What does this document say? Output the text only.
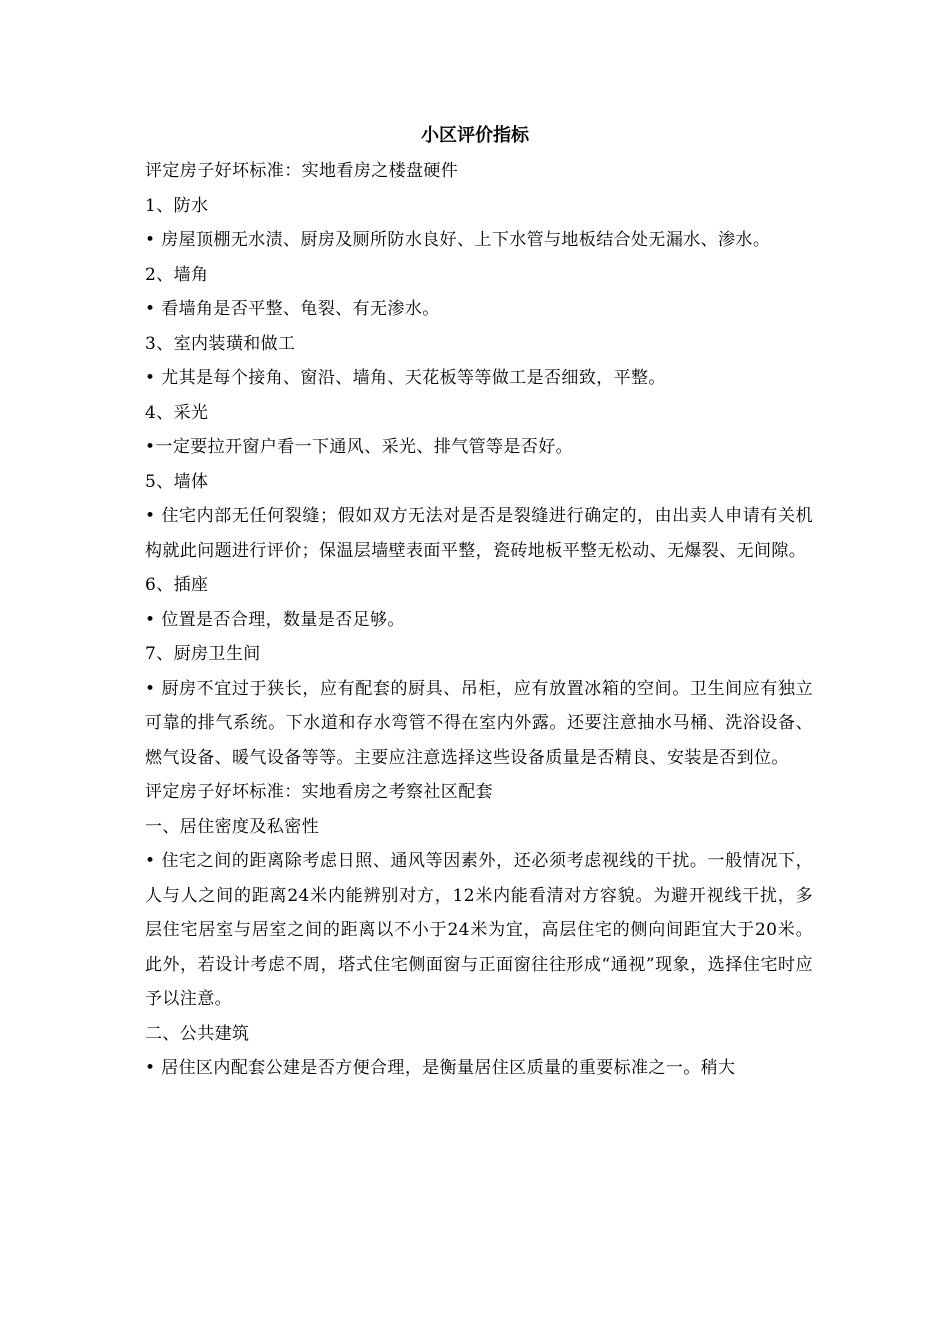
小区评价指标
评定房子好坏标准：实地看房之楼盘硬件
1、防水
• 房屋顶棚无水渍、厨房及厕所防水良好、上下水管与地板结合处无漏水、渗水。
2、墙角
• 看墙角是否平整、龟裂、有无渗水。
3、室内装璜和做工
• 尤其是每个接角、窗沿、墙角、天花板等等做工是否细致，平整。
4、采光
•一定要拉开窗户看一下通风、采光、排气管等是否好。
5、墙体
• 住宅内部无任何裂缝；假如双方无法对是否是裂缝进行确定的，由出卖人申请有关机构就此问题进行评价；保温层墙壁表面平整，瓷砖地板平整无松动、无爆裂、无间隙。
6、插座
• 位置是否合理，数量是否足够。
7、厨房卫生间
• 厨房不宜过于狭长，应有配套的厨具、吊柜，应有放置冰箱的空间。卫生间应有独立可靠的排气系统。下水道和存水弯管不得在室内外露。还要注意抽水马桶、洗浴设备、燃气设备、暖气设备等等。主要应注意选择这些设备质量是否精良、安装是否到位。
评定房子好坏标准：实地看房之考察社区配套
一、居住密度及私密性
• 住宅之间的距离除考虑日照、通风等因素外，还必须考虑视线的干扰。一般情况下，人与人之间的距离24米内能辨别对方，12米内能看清对方容貌。为避开视线干扰，多层住宅居室与居室之间的距离以不小于24米为宜，高层住宅的侧向间距宜大于20米。此外，若设计考虑不周，塔式住宅侧面窗与正面窗往往形成“通视”现象，选择住宅时应予以注意。
二、公共建筑
• 居住区内配套公建是否方便合理，是衡量居住区质量的重要标准之一。稍大
